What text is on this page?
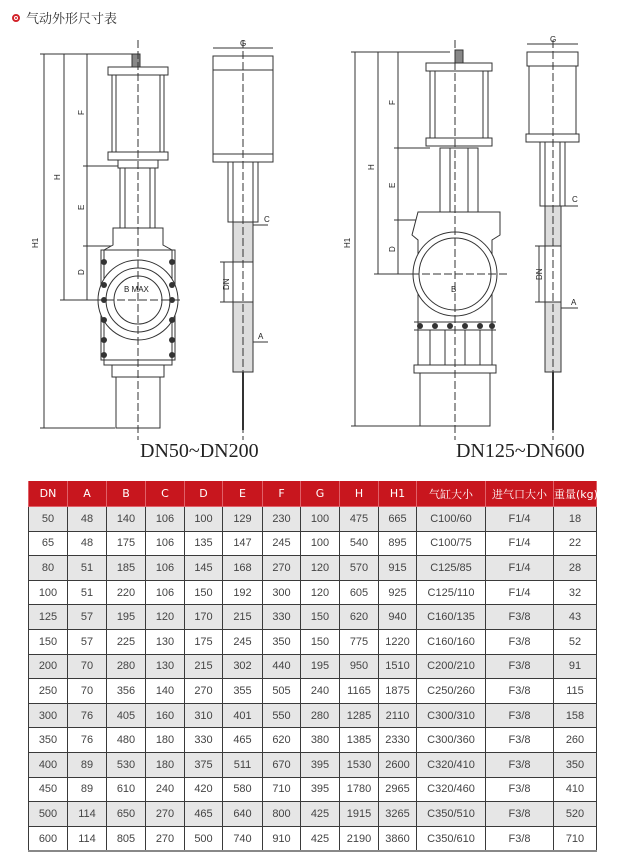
气动外形尺寸表
H1
H
F
E
D
B MAX
G
C
DN
A
DN50~DN200
H1
H
F
E
D
B
G
C
DN
A
DN125~DN600
DN	A	B	C	D	E	F	G	H	H1	气缸大小	进气口大小	重量(kg)
50	48	140	106	100	129	230	100	475	665	C100/60	F1/4	18
65	48	175	106	135	147	245	100	540	895	C100/75	F1/4	22
80	51	185	106	145	168	270	120	570	915	C125/85	F1/4	28
100	51	220	106	150	192	300	120	605	925	C125/110	F1/4	32
125	57	195	120	170	215	330	150	620	940	C160/135	F3/8	43
150	57	225	130	175	245	350	150	775	1220	C160/160	F3/8	52
200	70	280	130	215	302	440	195	950	1510	C200/210	F3/8	91
250	70	356	140	270	355	505	240	1165	1875	C250/260	F3/8	115
300	76	405	160	310	401	550	280	1285	2110	C300/310	F3/8	158
350	76	480	180	330	465	620	380	1385	2330	C300/360	F3/8	260
400	89	530	180	375	511	670	395	1530	2600	C320/410	F3/8	350
450	89	610	240	420	580	710	395	1780	2965	C320/460	F3/8	410
500	114	650	270	465	640	800	425	1915	3265	C350/510	F3/8	520
600	114	805	270	500	740	910	425	2190	3860	C350/610	F3/8	710
